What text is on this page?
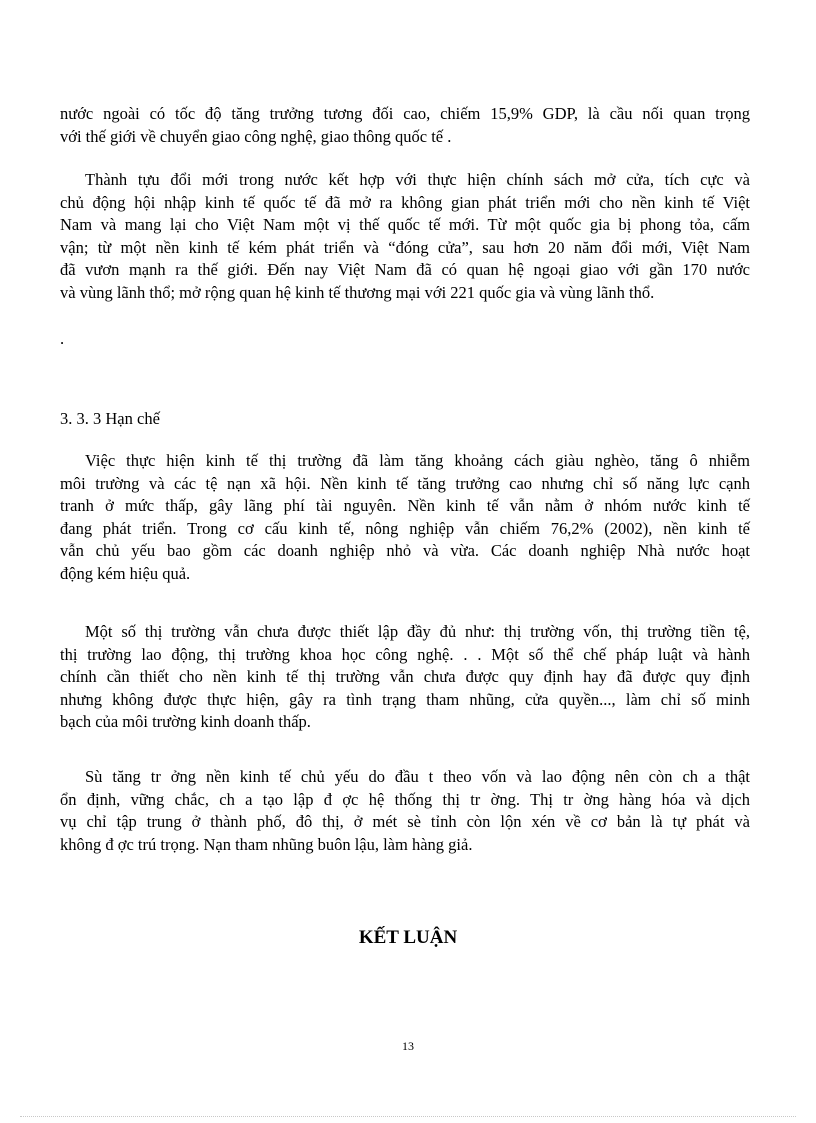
nước ngoài có tốc độ tăng trưởng tương đối cao, chiếm 15,9% GDP, là cầu nối quan trọng
với thế giới về chuyển giao công nghệ, giao thông quốc tế .
Thành tựu đổi mới trong nước kết hợp với thực hiện chính sách mở cửa, tích cực và
chủ động hội nhập kinh tế quốc tế đã mở ra không gian phát triển mới cho nền kinh tế Việt
Nam và mang lại cho Việt Nam một vị thế quốc tế mới. Từ một quốc gia bị phong tỏa, cấm
vận; từ một nền kinh tế kém phát triển và “đóng cửa”, sau hơn 20 năm đổi mới, Việt Nam
đã vươn mạnh ra thế giới. Đến nay Việt Nam đã có quan hệ ngoại giao với gần 170 nước
và vùng lãnh thổ; mở rộng quan hệ kinh tế thương mại với 221 quốc gia và vùng lãnh thổ.
.
3. 3. 3 Hạn chế
Việc thực hiện kinh tế thị trường đã làm tăng khoảng cách giàu nghèo, tăng ô nhiễm
môi trường và các tệ nạn xã hội. Nền kinh tế tăng trưởng cao nhưng chỉ số năng lực cạnh
tranh ở mức thấp, gây lãng phí tài nguyên. Nền kinh tế vẫn nằm ở nhóm nước kinh tế
đang phát triển. Trong cơ cấu kinh tế, nông nghiệp vẫn chiếm 76,2% (2002), nền kinh tế
vẫn chủ yếu bao gồm các doanh nghiệp nhỏ và vừa. Các doanh nghiệp Nhà nước hoạt
động kém hiệu quả.
Một số thị trường vẫn chưa được thiết lập đầy đủ như: thị trường vốn, thị trường tiền tệ,
thị trường lao động, thị trường khoa học công nghệ. . . Một số thể chế pháp luật và hành
chính cần thiết cho nền kinh tế thị trường vẫn chưa được quy định hay đã được quy định
nhưng không được thực hiện, gây ra tình trạng tham nhũng, cửa quyền..., làm chỉ số minh
bạch của môi trường kinh doanh thấp.
Sù tăng tr ởng nền kinh tế chủ yếu do đầu t theo vốn và lao động nên còn ch a thật
ổn định, vững chắc, ch a tạo lập đ ợc hệ thống thị tr ờng. Thị tr ờng hàng hóa và dịch
vụ chỉ tập trung ở thành phố, đô thị, ở mét sè tỉnh còn lộn xén về cơ bản là tự phát và
không đ ợc trú trọng. Nạn tham nhũng buôn lậu, làm hàng giả.
KẾT LUẬN
13
